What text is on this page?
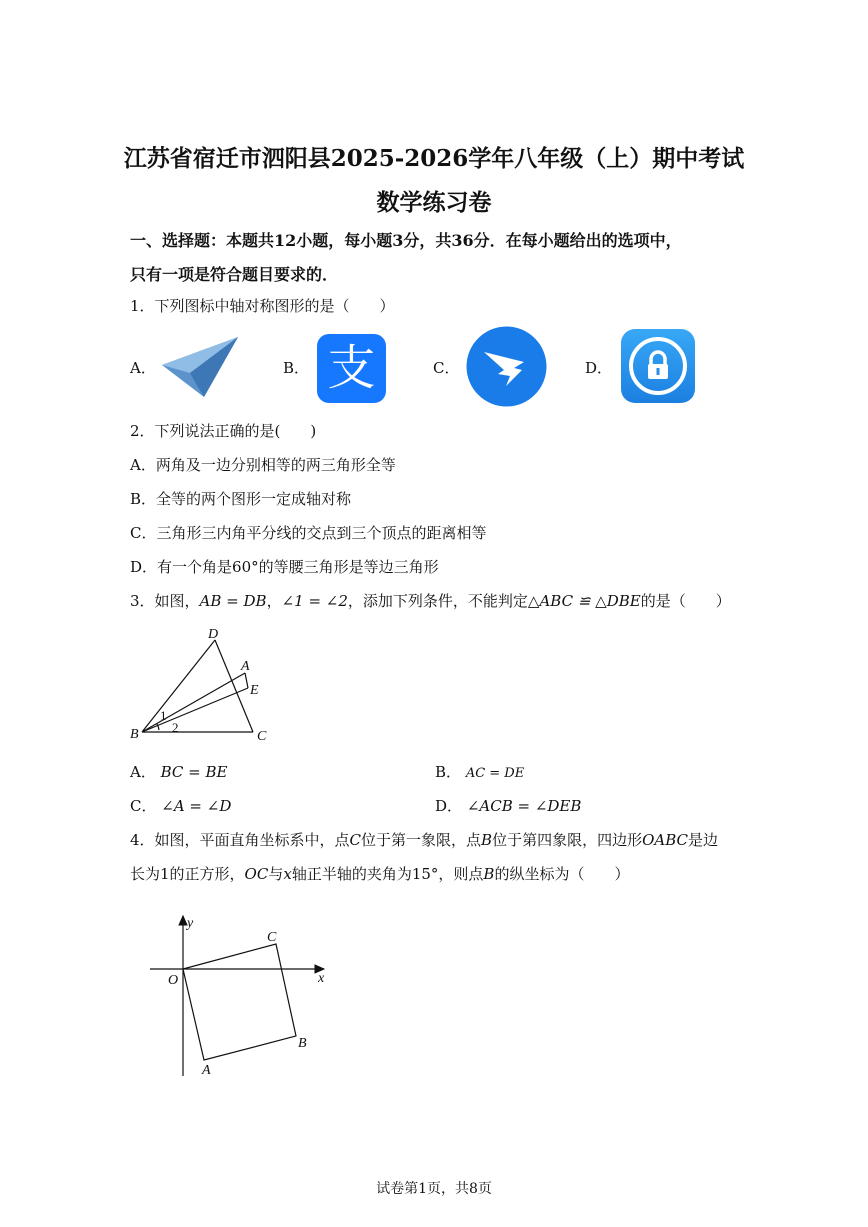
江苏省宿迁市泗阳县2025-2026学年八年级（上）期中考试
数学练习卷
一、选择题：本题共12小题，每小题3分，共36分．在每小题给出的选项中，
只有一项是符合题目要求的．
1．下列图标中轴对称图形的是（　　）
A．	B．	C．	D．
支
2．下列说法正确的是(　　)
A．两角及一边分别相等的两三角形全等
B．全等的两个图形一定成轴对称
C．三角形三内角平分线的交点到三个顶点的距离相等
D．有一个角是60°的等腰三角形是等边三角形
3．如图，AB = DB，∠1 = ∠2，添加下列条件，不能判定△ABC ≌ △DBE的是（　　）
D
A
E
B	C
1
2
A． BC = BE	B． AC = DE
C． ∠A = ∠D	D． ∠ACB = ∠DEB
4．如图，平面直角坐标系中，点C位于第一象限，点B位于第四象限，四边形OABC是边
长为1的正方形，OC与x轴正半轴的夹角为15°，则点B的纵坐标为（　　）
y
x
O
C
B
A
试卷第1页，共8页
